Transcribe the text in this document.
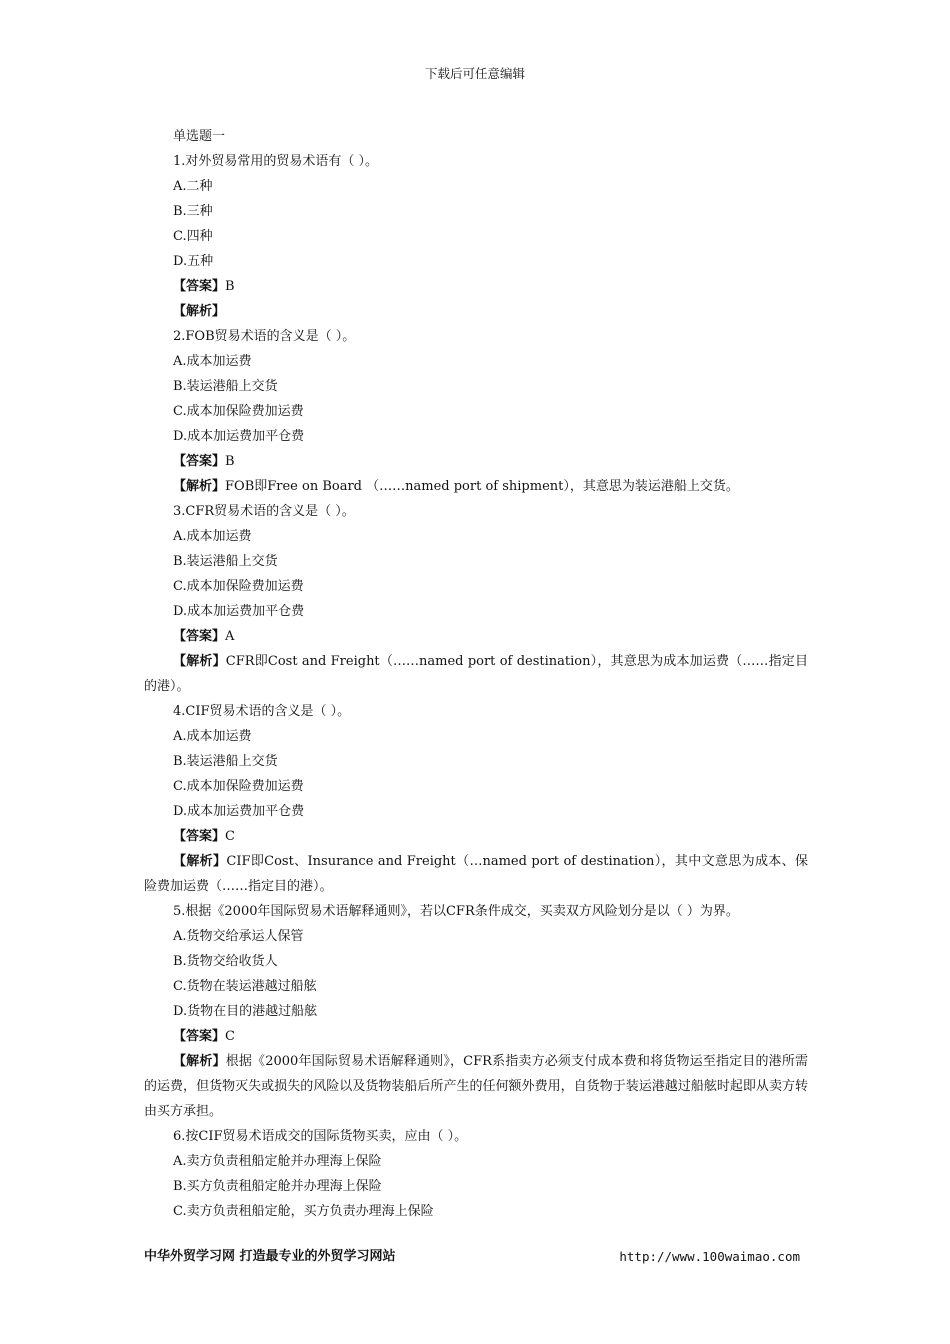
下载后可任意编辑
单选题一
1.对外贸易常用的贸易术语有（ ）。
A.二种
B.三种
C.四种
D.五种
【答案】B
【解析】
2.FOB贸易术语的含义是（ ）。
A.成本加运费
B.装运港船上交货
C.成本加保险费加运费
D.成本加运费加平仓费
【答案】B
【解析】FOB即Free on Board （……named port of shipment），其意思为装运港船上交货。
3.CFR贸易术语的含义是（ ）。
A.成本加运费
B.装运港船上交货
C.成本加保险费加运费
D.成本加运费加平仓费
【答案】A
【解析】CFR即Cost and Freight（……named port of destination），其意思为成本加运费（……指定目的港）。
4.CIF贸易术语的含义是（ ）。
A.成本加运费
B.装运港船上交货
C.成本加保险费加运费
D.成本加运费加平仓费
【答案】C
【解析】CIF即Cost、Insurance and Freight（…named port of destination），其中文意思为成本、保险费加运费（……指定目的港）。
5.根据《2000年国际贸易术语解释通则》，若以CFR条件成交，买卖双方风险划分是以（ ）为界。
A.货物交给承运人保管
B.货物交给收货人
C.货物在装运港越过船舷
D.货物在目的港越过船舷
【答案】C
【解析】根据《2000年国际贸易术语解释通则》，CFR系指卖方必须支付成本费和将货物运至指定目的港所需的运费，但货物灭失或损失的风险以及货物装船后所产生的任何额外费用，自货物于装运港越过船舷时起即从卖方转由买方承担。
6.按CIF贸易术语成交的国际货物买卖，应由（ ）。
A.卖方负责租船定舱并办理海上保险
B.买方负责租船定舱并办理海上保险
C.卖方负责租船定舱，买方负责办理海上保险
中华外贸学习网 打造最专业的外贸学习网站	http://www.100waimao.com
